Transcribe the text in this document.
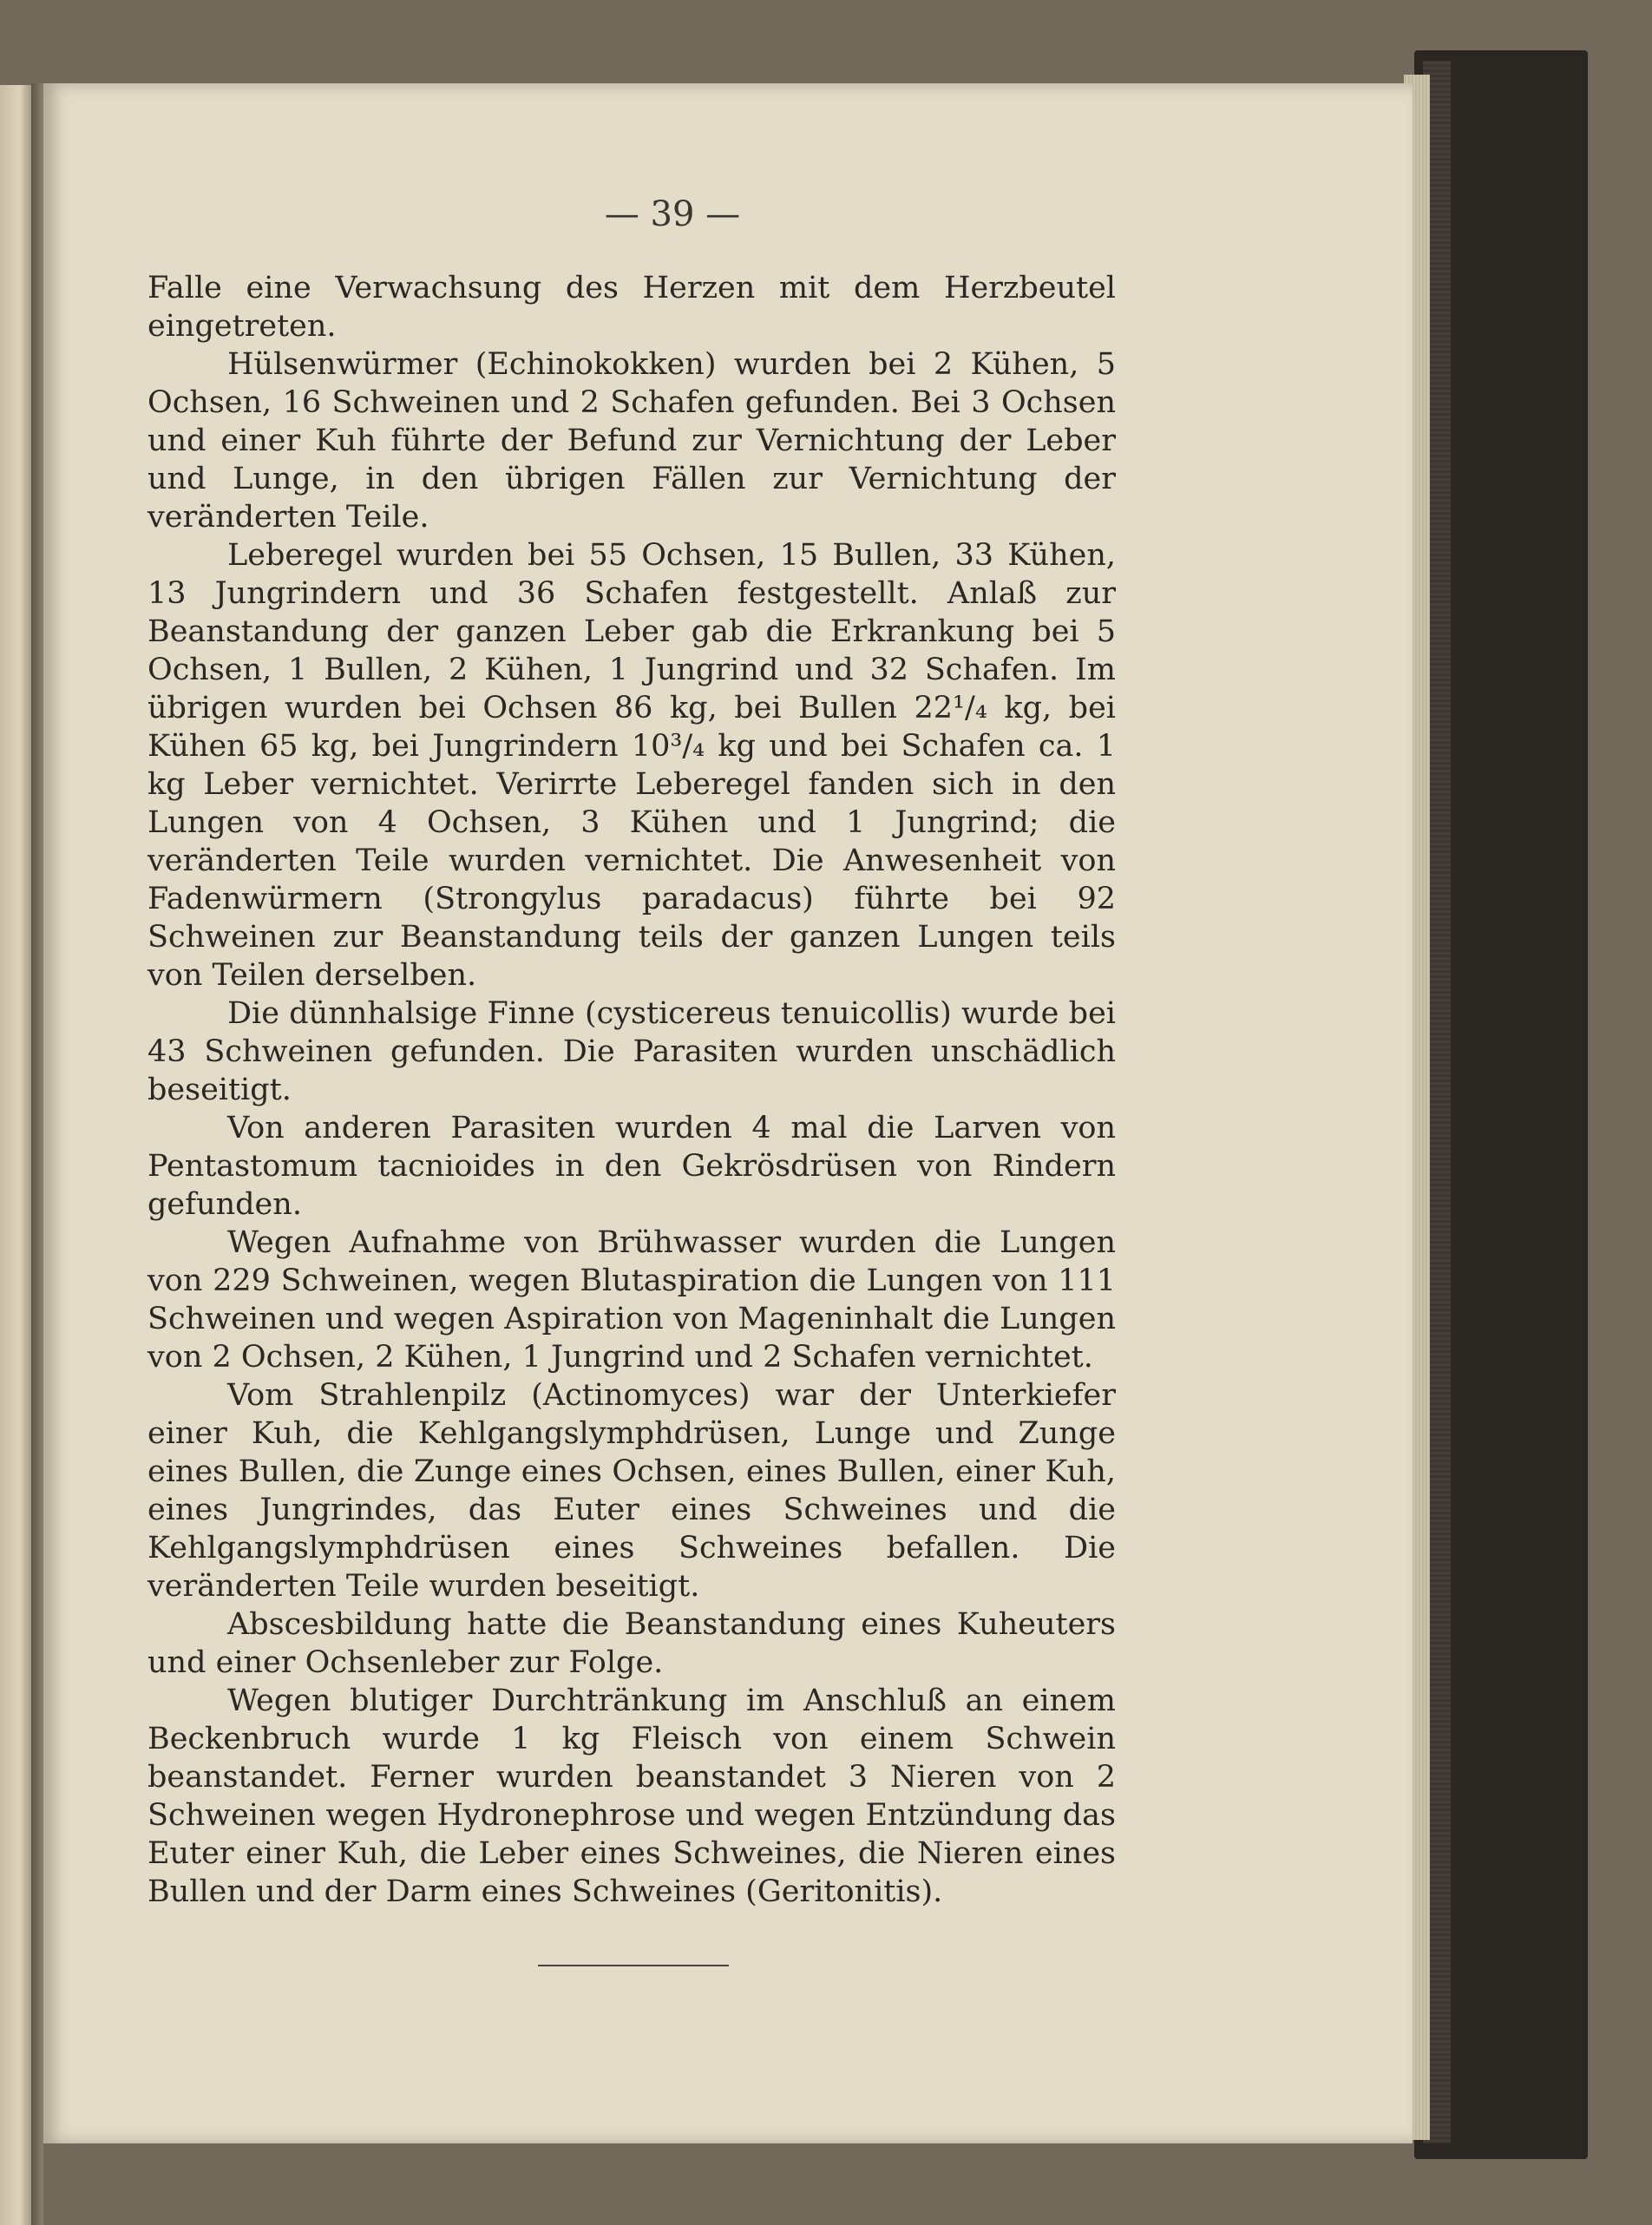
— 39 —

Falle eine Verwachsung des Herzen mit dem Herzbeutel eingetreten.

Hülsenwürmer (Echinokokken) wurden bei 2 Kühen, 5 Ochsen, 16 Schweinen und 2 Schafen gefunden. Bei 3 Ochsen und einer Kuh führte der Befund zur Vernichtung der Leber und Lunge, in den übrigen Fällen zur Vernichtung der veränderten Teile.

Leberegel wurden bei 55 Ochsen, 15 Bullen, 33 Kühen, 13 Jungrindern und 36 Schafen festgestellt. Anlaß zur Beanstandung der ganzen Leber gab die Erkrankung bei 5 Ochsen, 1 Bullen, 2 Kühen, 1 Jungrind und 32 Schafen. Im übrigen wurden bei Ochsen 86 kg, bei Bullen 22¹/₄ kg, bei Kühen 65 kg, bei Jungrindern 10³/₄ kg und bei Schafen ca. 1 kg Leber vernichtet. Verirrte Leberegel fanden sich in den Lungen von 4 Ochsen, 3 Kühen und 1 Jungrind; die veränderten Teile wurden vernichtet. Die Anwesenheit von Fadenwürmern (Strongylus paradacus) führte bei 92 Schweinen zur Beanstandung teils der ganzen Lungen teils von Teilen derselben.

Die dünnhalsige Finne (cysticereus tenuicollis) wurde bei 43 Schweinen gefunden. Die Parasiten wurden unschädlich beseitigt.

Von anderen Parasiten wurden 4 mal die Larven von Pentastomum tacnioides in den Gekrösdrüsen von Rindern gefunden.

Wegen Aufnahme von Brühwasser wurden die Lungen von 229 Schweinen, wegen Blutaspiration die Lungen von 111 Schweinen und wegen Aspiration von Mageninhalt die Lungen von 2 Ochsen, 2 Kühen, 1 Jungrind und 2 Schafen vernichtet.

Vom Strahlenpilz (Actinomyces) war der Unterkiefer einer Kuh, die Kehlgangslymphdrüsen, Lunge und Zunge eines Bullen, die Zunge eines Ochsen, eines Bullen, einer Kuh, eines Jungrindes, das Euter eines Schweines und die Kehlgangslymphdrüsen eines Schweines befallen. Die veränderten Teile wurden beseitigt.

Abscesbildung hatte die Beanstandung eines Kuheuters und einer Ochsenleber zur Folge.

Wegen blutiger Durchtränkung im Anschluß an einem Beckenbruch wurde 1 kg Fleisch von einem Schwein beanstandet. Ferner wurden beanstandet 3 Nieren von 2 Schweinen wegen Hydronephrose und wegen Entzündung das Euter einer Kuh, die Leber eines Schweines, die Nieren eines Bullen und der Darm eines Schweines (Geritonitis).
